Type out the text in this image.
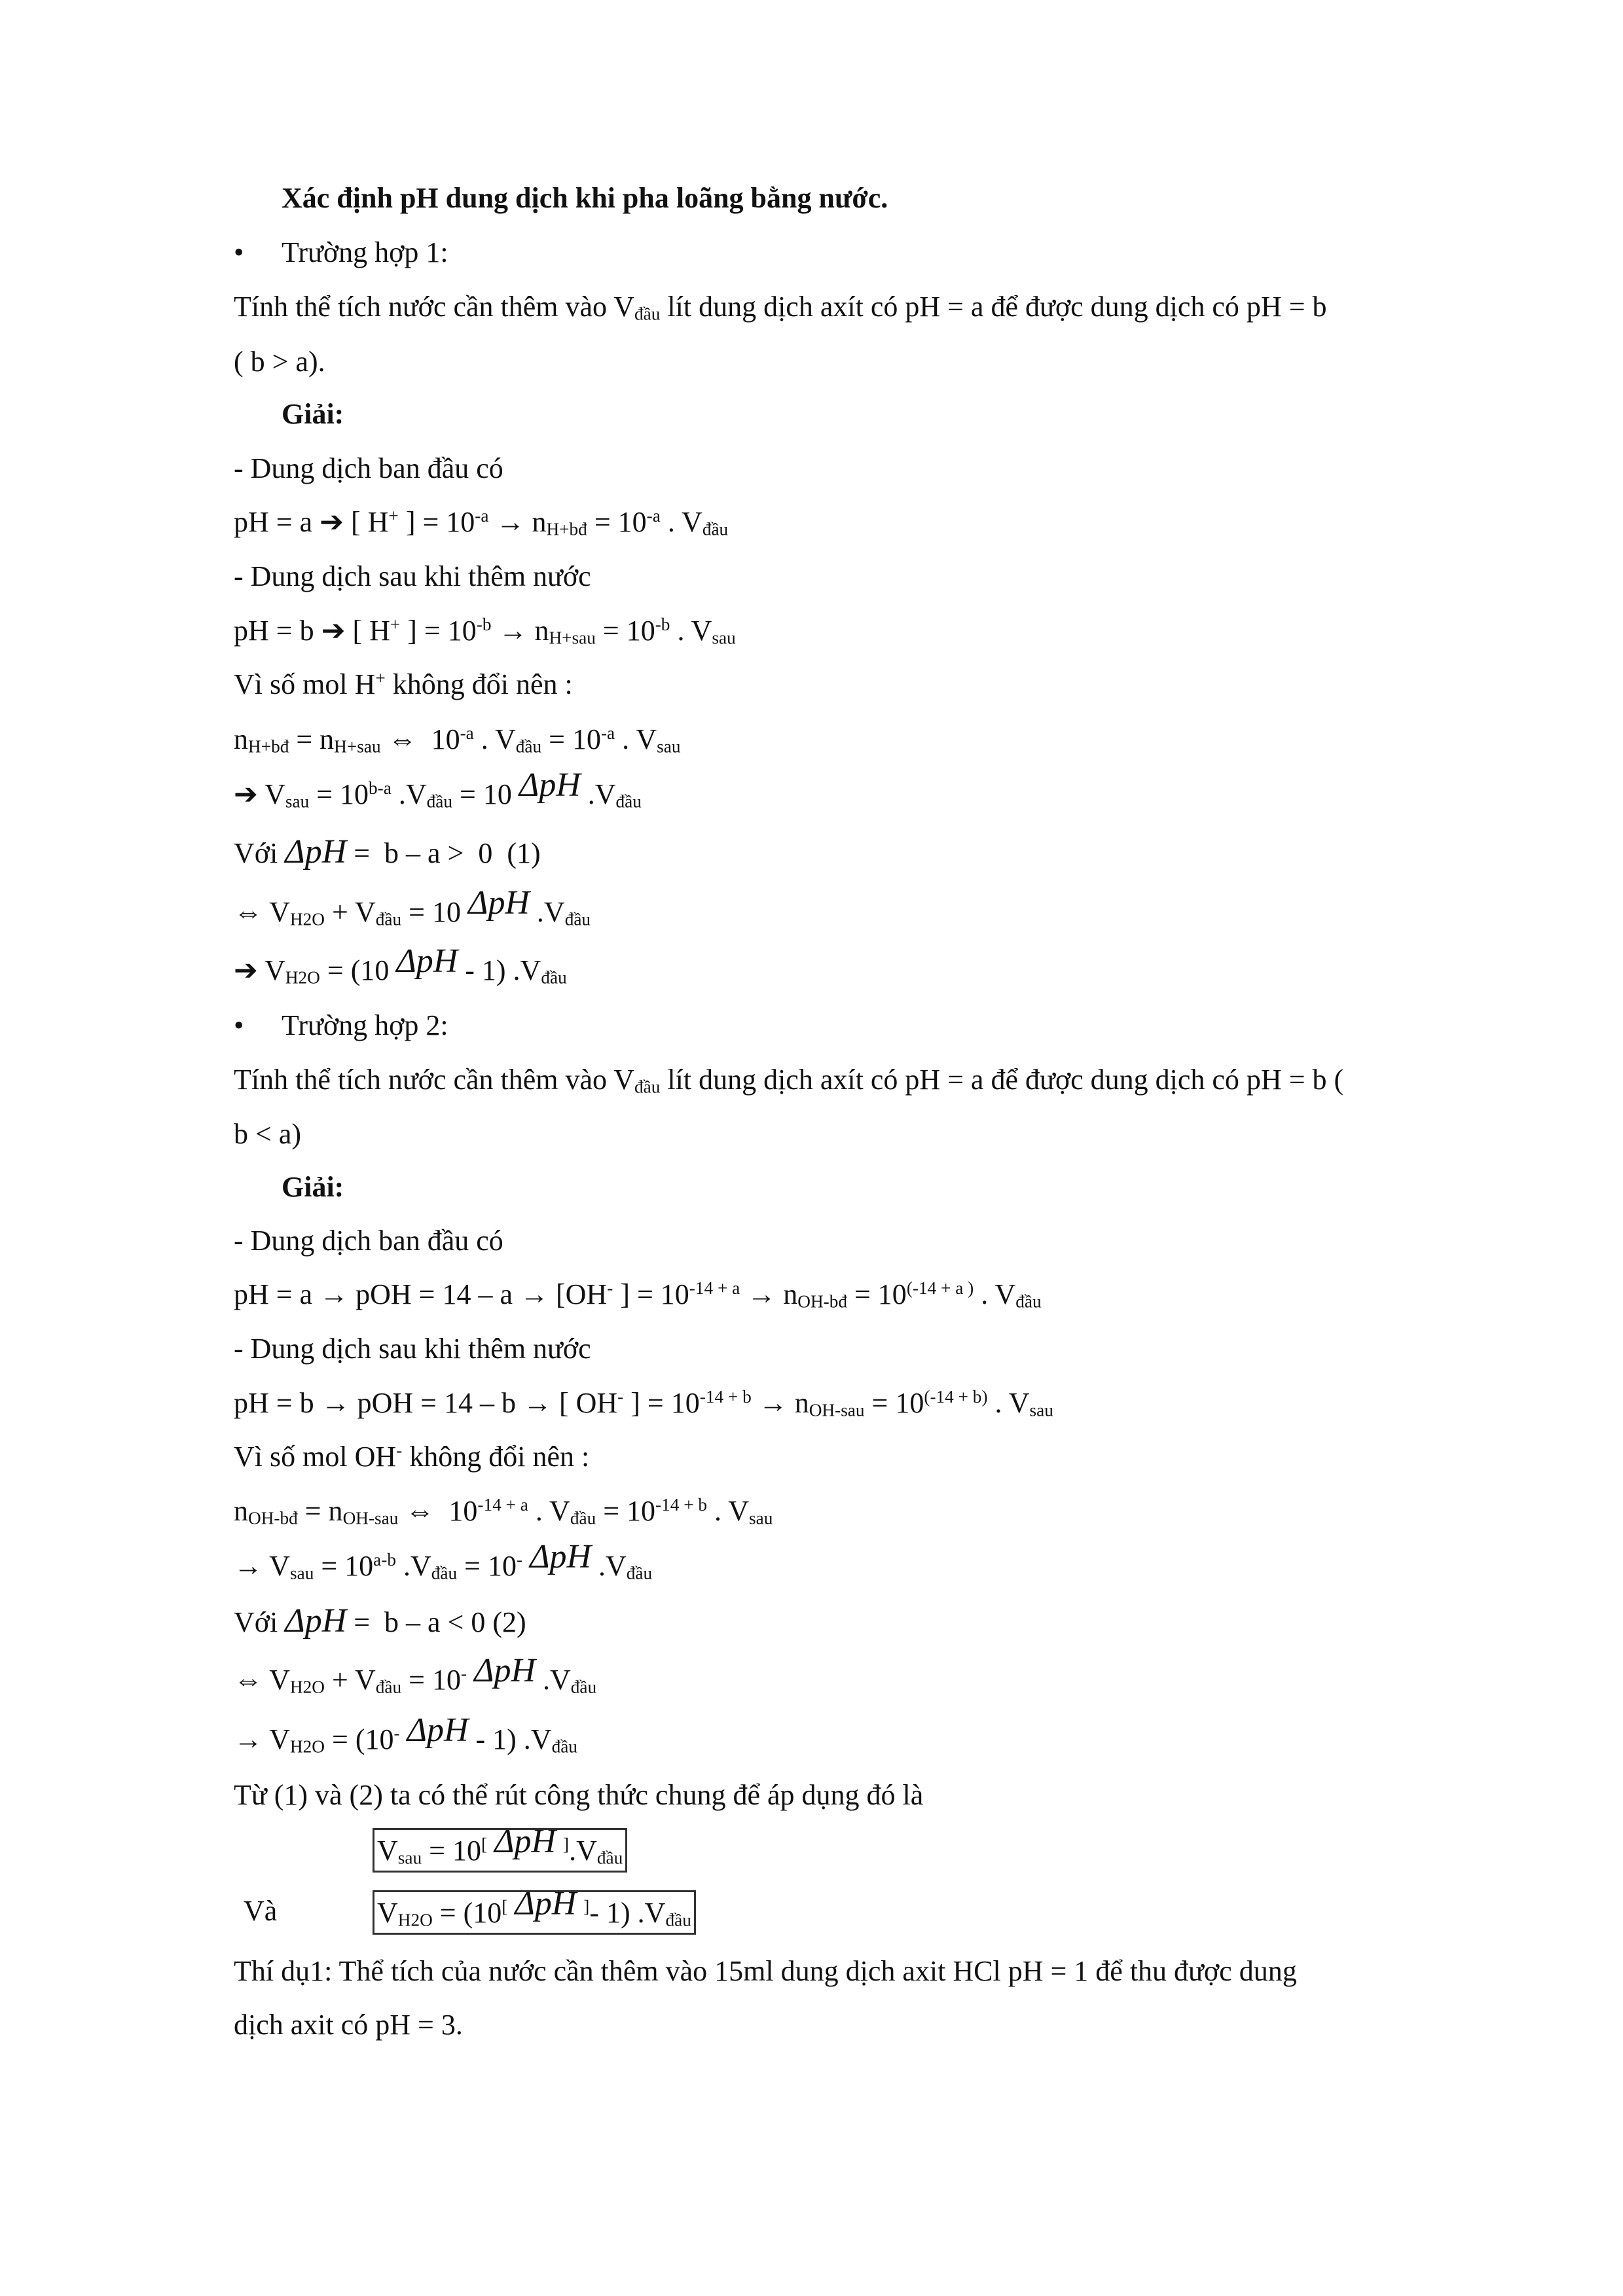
Xác định pH dung dịch khi pha loãng bằng nước.
• Trường hợp 1:
Tính thể tích nước cần thêm vào $V_{đầu}$ lít dung dịch axít có pH = a để được dung dịch có pH = b
( b > a).
Giải:
- Dung dịch ban đầu có
pH = a ➔ [ H+ ] = $10^{-a} \to n_{H+bđ} = 10^{-a}$ . $V_{đầu}$
- Dung dịch sau khi thêm nước
pH = b ➔ [ H+ ] = $10^{-b} \to n_{H+sau} = 10^{-b}$ . $V_{sau}$
Vì số mol H+ không đổi nên :
$n_{H+bđ} = n_{H+sau}$ ⇔  $10^{-a}$ . $V_{đầu} = 10^{-a}$ . $V_{sau}$
➔ $V_{sau} = 10^{b-a}$ $.V_{đầu} = 10$ ΔpH $.V_{đầu}$
Với ΔpH =  b – a >  0  (1)
⇔ $V_{H2O} + V_{đầu} = 10$ ΔpH $.V_{đầu}$
➔ $V_{H2O} = (10$ ΔpH - 1) $.V_{đầu}$
• Trường hợp 2:
Tính thể tích nước cần thêm vào $V_{đầu}$ lít dung dịch axít có pH = a để được dung dịch có pH = b (
b < a)
Giải:
- Dung dịch ban đầu có
pH = a → pOH = 14 – a → [OH- ] = $10^{-14 + a} \to n_{OH-bđ} = 10^{(-14 + a )}$ . $V_{đầu}$
- Dung dịch sau khi thêm nước
pH = b → pOH = 14 – b → [ OH- ] = $10^{-14 + b} \to n_{OH-sau} = 10^{(-14 + b)}$ . $V_{sau}$
Vì số mol OH- không đổi nên :
$n_{OH-bđ} = n_{OH-sau}$ ⇔  $10^{-14 + a}$ . $V_{đầu} = 10^{-14 + b}$ . $V_{sau}$
→ $V_{sau} = 10^{a-b}$ $.V_{đầu} = 10^-$ ΔpH $.V_{đầu}$
Với ΔpH =  b – a < 0 (2)
⇔ $V_{H2O} + V_{đầu} = 10^-$ ΔpH $.V_{đầu}$
→ $V_{H2O} = (10^-$ ΔpH - 1) $.V_{đầu}$
Từ (1) và (2) ta có thể rút công thức chung để áp dụng đó là
$V_{sau} = 10^[$ ΔpH $^].V_{đầu}$
Và	$V_{H2O} = (10^[$ ΔpH ]- 1) $.V_{đầu}$
Thí dụ1: Thể tích của nước cần thêm vào 15ml dung dịch axit HCl pH = 1 để thu được dung
dịch axit có pH = 3.
